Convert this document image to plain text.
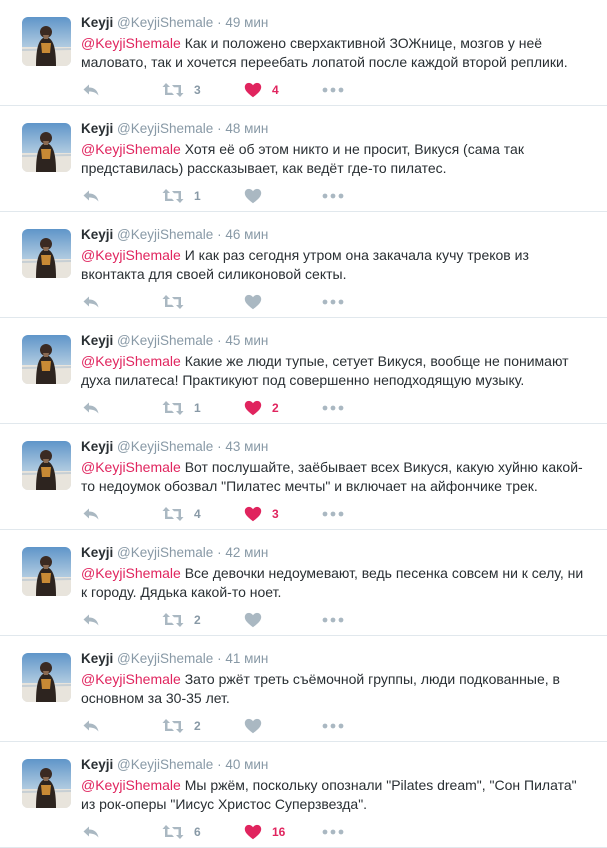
Keyji @KeyjiShemale · 49 мин
@KeyjiShemale Как и положено сверхактивной ЗОЖнице, мозгов у неё маловато, так и хочется переебать лопатой после каждой второй реплики.
3	4
Keyji @KeyjiShemale · 48 мин
@KeyjiShemale Хотя её об этом никто и не просит, Викуся (сама так представилась) рассказывает, как ведёт где-то пилатес.
1
Keyji @KeyjiShemale · 46 мин
@KeyjiShemale И как раз сегодня утром она закачала кучу треков из вконтакта для своей силиконовой секты.
Keyji @KeyjiShemale · 45 мин
@KeyjiShemale Какие же люди тупые, сетует Викуся, вообще не понимают духа пилатеса! Практикуют под совершенно неподходящую музыку.
1	2
Keyji @KeyjiShemale · 43 мин
@KeyjiShemale Вот послушайте, заёбывает всех Викуся, какую хуйню какой-то недоумок обозвал "Пилатес мечты" и включает на айфончике трек.
4	3
Keyji @KeyjiShemale · 42 мин
@KeyjiShemale Все девочки недоумевают, ведь песенка совсем ни к селу, ни к городу. Дядька какой-то ноет.
2
Keyji @KeyjiShemale · 41 мин
@KeyjiShemale Зато ржёт треть съёмочной группы, люди подкованные, в основном за 30-35 лет.
2
Keyji @KeyjiShemale · 40 мин
@KeyjiShemale Мы ржём, поскольку опознали "Pilates dream", "Сон Пилата" из рок-оперы "Иисус Христос Суперзвезда".
6	16
